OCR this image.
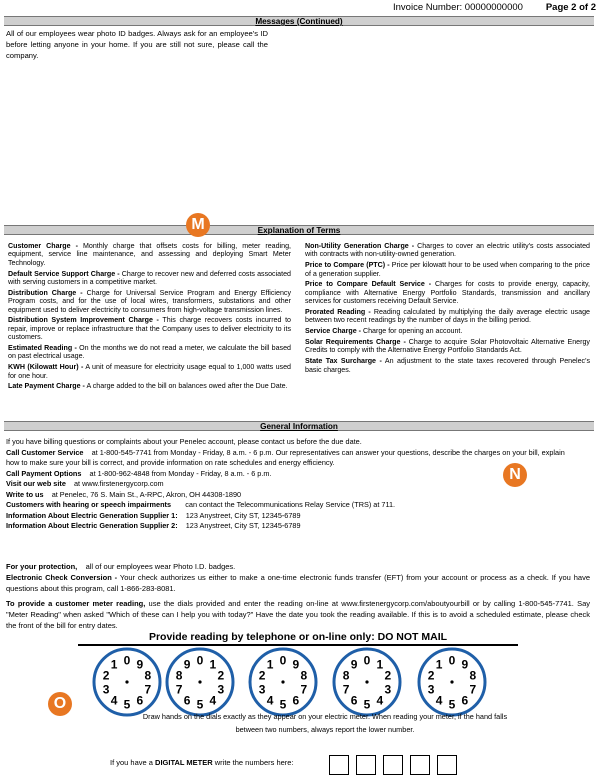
Invoice Number: 00000000000 Page 2 of 2
Messages (Continued)
All of our employees wear photo ID badges. Always ask for an employee's ID before letting anyone in your home. If you are still not sure, please call the company.
Explanation of Terms
M

Customer Charge - Monthly charge that offsets costs for billing, meter reading, equipment, service line maintenance, and assessing and deploying Smart Meter Technology.

Default Service Support Charge - Charge to recover new and deferred costs associated with serving customers in a competitive market.

Distribution Charge - Charge for Universal Service Program and Energy Efficiency Program costs, and for the use of local wires, transformers, substations and other equipment used to deliver electricity to consumers from high-voltage transmission lines.

Distribution System Improvement Charge - This charge recovers costs incurred to repair, improve or replace infrastructure that the Company uses to deliver electricity to its customers.

Estimated Reading - On the months we do not read a meter, we calculate the bill based on past electrical usage.

KWH (Kilowatt Hour) - A unit of measure for electricity usage equal to 1,000 watts used for one hour.

Late Payment Charge - A charge added to the bill on balances owed after the Due Date.

Non-Utility Generation Charge - Charges to cover an electric utility's costs associated with contracts with non-utility-owned generation.

Price to Compare (PTC) - Price per kilowatt hour to be used when comparing to the price of a generation supplier.

Price to Compare Default Service - Charges for costs to provide energy, capacity, compliance with Alternative Energy Portfolio Standards, transmission and ancillary services for customers receiving Default Service.

Prorated Reading - Reading calculated by multiplying the daily average electric usage between two recent readings by the number of days in the billing period.

Service Charge - Charge for opening an account.

Solar Requirements Charge - Charge to acquire Solar Photovoltaic Alternative Energy Credits to comply with the Alternative Energy Portfolio Standards Act.

State Tax Surcharge - An adjustment to the state taxes recovered through Penelec's basic charges.

General Information
N
If you have billing questions or complaints about your Penelec account, please contact us before the due date.
Call Customer Service at 1-800-545-7741 from Monday - Friday, 8 a.m. - 6 p.m. Our representatives can answer your questions, describe the charges on your bill, explain how to make sure your bill is correct, and provide information on rate schedules and energy efficiency.
Call Payment Options at 1-800-962-4848 from Monday - Friday, 8 a.m. - 6 p.m.
Visit our web site at www.firstenergycorp.com
Write to us at Penelec, 76 S. Main St., A-RPC, Akron, OH 44308-1890
Customers with hearing or speech impairments can contact the Telecommunications Relay Service (TRS) at 711.
Information About Electric Generation Supplier 1: 123 Anystreet, City ST, 12345-6789
Information About Electric Generation Supplier 2: 123 Anystreet, City ST, 12345-6789
For your protection, all of our employees wear Photo I.D. badges.
Electronic Check Conversion - Your check authorizes us either to make a one-time electronic funds transfer (EFT) from your account or process as a check. If you have questions about this program, call 1-866-283-8081.
To provide a customer meter reading, use the dials provided and enter the reading on-line at www.firstenergycorp.com/aboutyourbill or by calling 1-800-545-7741. Say "Meter Reading" when asked "Which of these can I help you with today?" Have the date you took the reading available. If this is to avoid a scheduled estimate, please check the front of the bill for entry dates.
Provide reading by telephone or on-line only: DO NOT MAIL
0 9
8
7
6
5
4
3
2
1	0 1
2
3
4
5
6
7
8
9	0 9
8
7
6
5
4
3
2
1	0 1
2
3
4
5
6
7
8
9	0 9
8
7
6
5
4
3
2
1
O
Draw hands on the dials exactly as they appear on your electric meter. When reading your meter, if the hand falls
between two numbers, always report the lower number.
If you have a DIGITAL METER write the numbers here:
